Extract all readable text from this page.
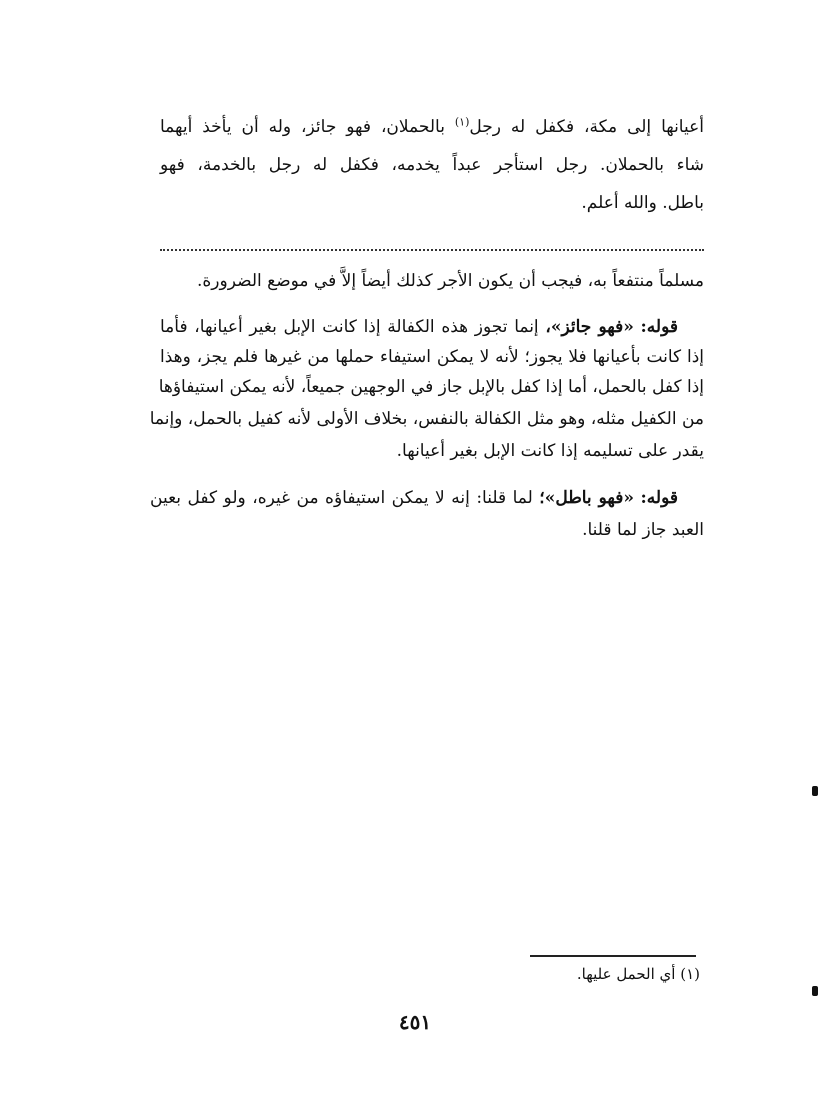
أعيانها إلى مكة، فكفل له رجل$^{(١)}$ بالحملان، فهو جائز، وله أن يأخذ أيهما
شاء بالحملان. رجل استأجر عبداً يخدمه، فكفل له رجل بالخدمة، فهو
باطل. والله أعلم.
مسلماً منتفعاً به، فيجب أن يكون الأجر كذلك أيضاً إلاَّ في موضع الضرورة.
قوله: «فهو جائز»، إنما تجوز هذه الكفالة إذا كانت الإبل بغير أعيانها، فأما
إذا كانت بأعيانها فلا يجوز؛ لأنه لا يمكن استيفاء حملها من غيرها فلم يجز، وهذا
إذا كفل بالحمل، أما إذا كفل بالإبل جاز في الوجهين جميعاً، لأنه يمكن استيفاؤها
من الكفيل مثله، وهو مثل الكفالة بالنفس، بخلاف الأولى لأنه كفيل بالحمل، وإنما
يقدر على تسليمه إذا كانت الإبل بغير أعيانها.
قوله: «فهو باطل»؛ لما قلنا: إنه لا يمكن استيفاؤه من غيره، ولو كفل بعين
العبد جاز لما قلنا.
(١) أي الحمل عليها.
٤٥١
